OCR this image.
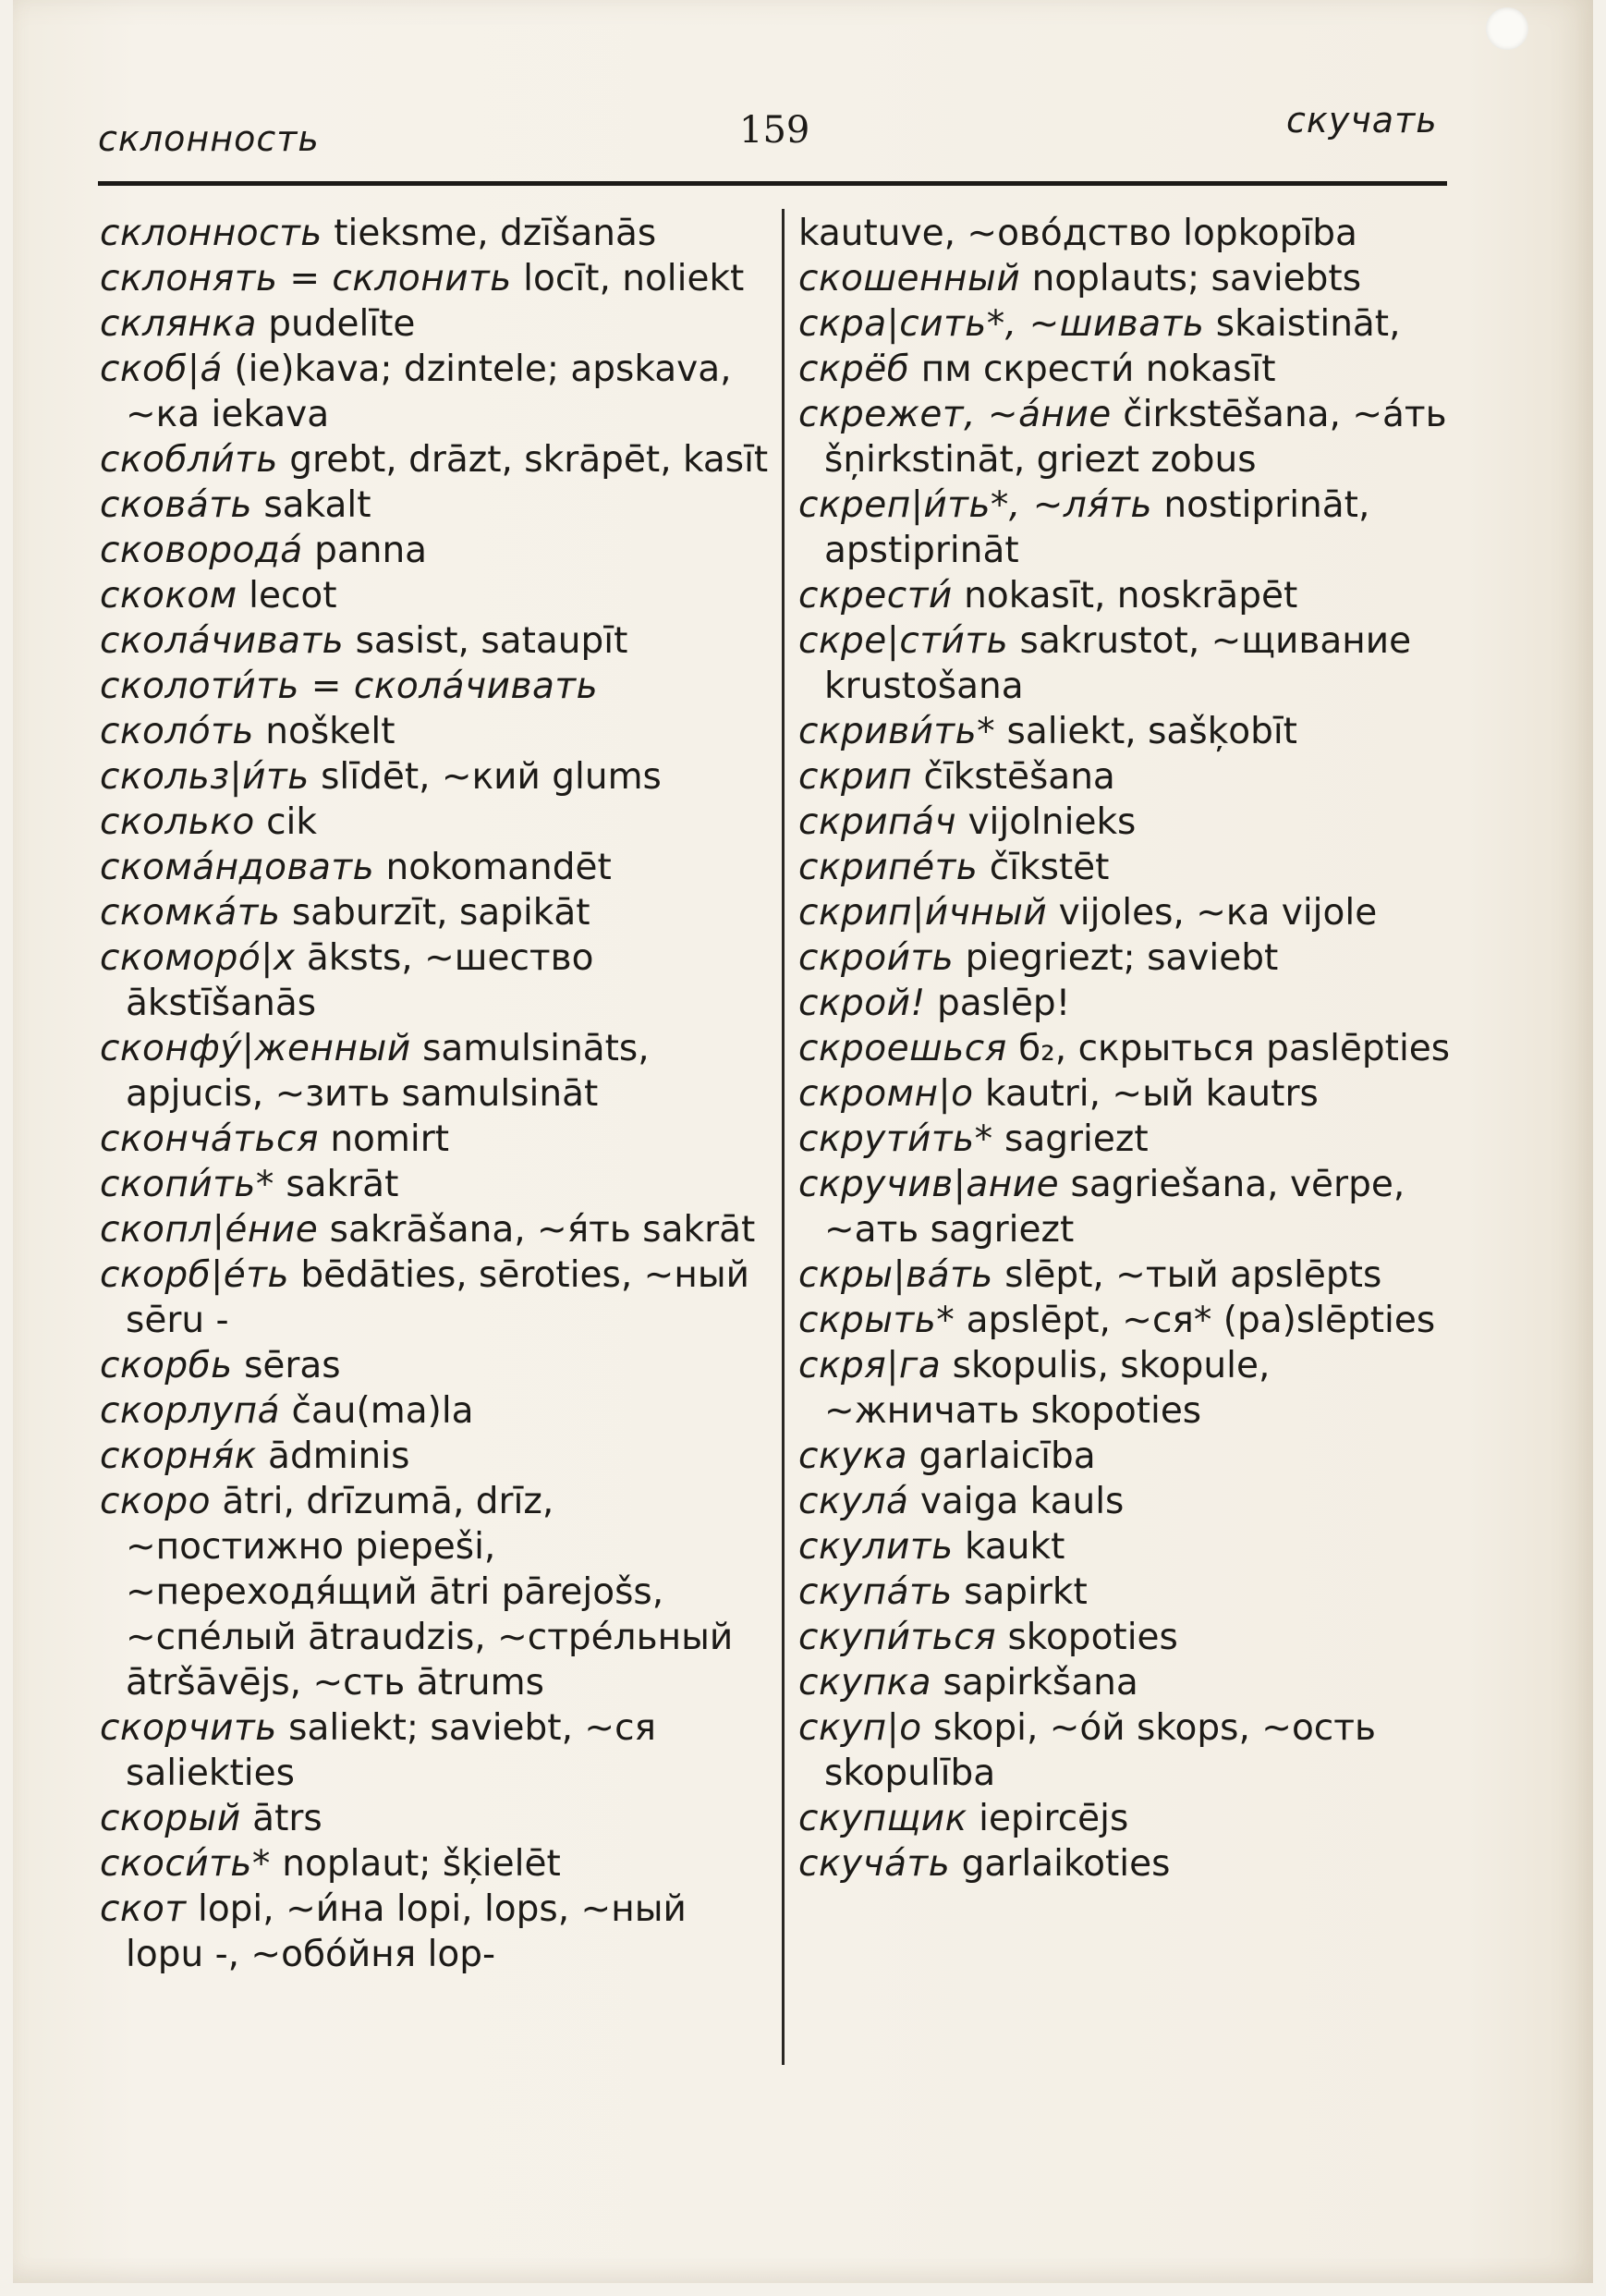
склонность	159	скучать

склонность tieksme, dzīšanās

склонять = склонить locīt, noliekt

склянка pudelīte

скоб|а́ (ie)kava; dzintele; apskava, ~ка iekava

скобли́ть grebt, drāzt, skrāpēt, kasīt

скова́ть sakalt

сковорода́ panna

скоком lecot

скола́чивать sasist, sataupīt

сколоти́ть = скола́чивать

сколо́ть noškelt

скольз|и́ть slīdēt, ~кий glums

сколько cik

скома́ндовать nokomandēt

скомка́ть saburzīt, sapikāt

скоморо́|х āksts, ~шество ākstīšanās

сконфу́|женный samulsināts, apjucis, ~зить samulsināt

сконча́ться nomirt

скопи́ть* sakrāt

скопл|е́ние sakrāšana, ~я́ть sakrāt

скорб|е́ть bēdāties, sēroties, ~ный sēru -

скорбь sēras

скорлупа́ čau(ma)la

скорня́к ādminis

скоро ātri, drīzumā, drīz, ~постижно piepeši, ~переходя́щий ātri pārejošs, ~спе́лый ātraudzis, ~стре́льный ātršāvējs, ~сть ātrums

скорчить saliekt; saviebt, ~ся saliekties

скорый ātrs

скоси́ть* noplaut; šķielēt

скот lopi, ~и́на lopi, lops, ~ный lopu -, ~обо́йня lop-

kautuve, ~ово́дство lopkopība

скошенный noplauts; saviebts

скра|сить*, ~шивать skaistināt,

скрёб пм скрести́ nokasīt

скрежет, ~а́ние čirkstēšana, ~а́ть šņirkstināt, griezt zobus

скреп|и́ть*, ~ля́ть nostiprināt, apstiprināt

скрести́ nokasīt, noskrāpēt

скре|сти́ть sakrustot, ~щивание krustošana

скриви́ть* saliekt, sašķobīt

скрип čīkstēšana

скрипа́ч vijolnieks

скрипе́ть čīkstēt

скрип|и́чный vijoles, ~ка vijole

скрои́ть piegriezt; saviebt

скрой! paslēp!

скроешься б₂, скрыться paslēpties

скромн|о kautri, ~ый kautrs

скрути́ть* sagriezt

скручив|ание sagriešana, vērpe, ~ать sagriezt

скры|ва́ть slēpt, ~тый apslēpts

скрыть* apslēpt, ~ся* (pa)slēpties

скря|га skopulis, skopule, ~жничать skopoties

скука garlaicība

скула́ vaiga kauls

скулить kaukt

скупа́ть sapirkt

скупи́ться skopoties

скупка sapirkšana

скуп|о skopi, ~о́й skops, ~ость skopulība

скупщик iepircējs

скуча́ть garlaikoties
